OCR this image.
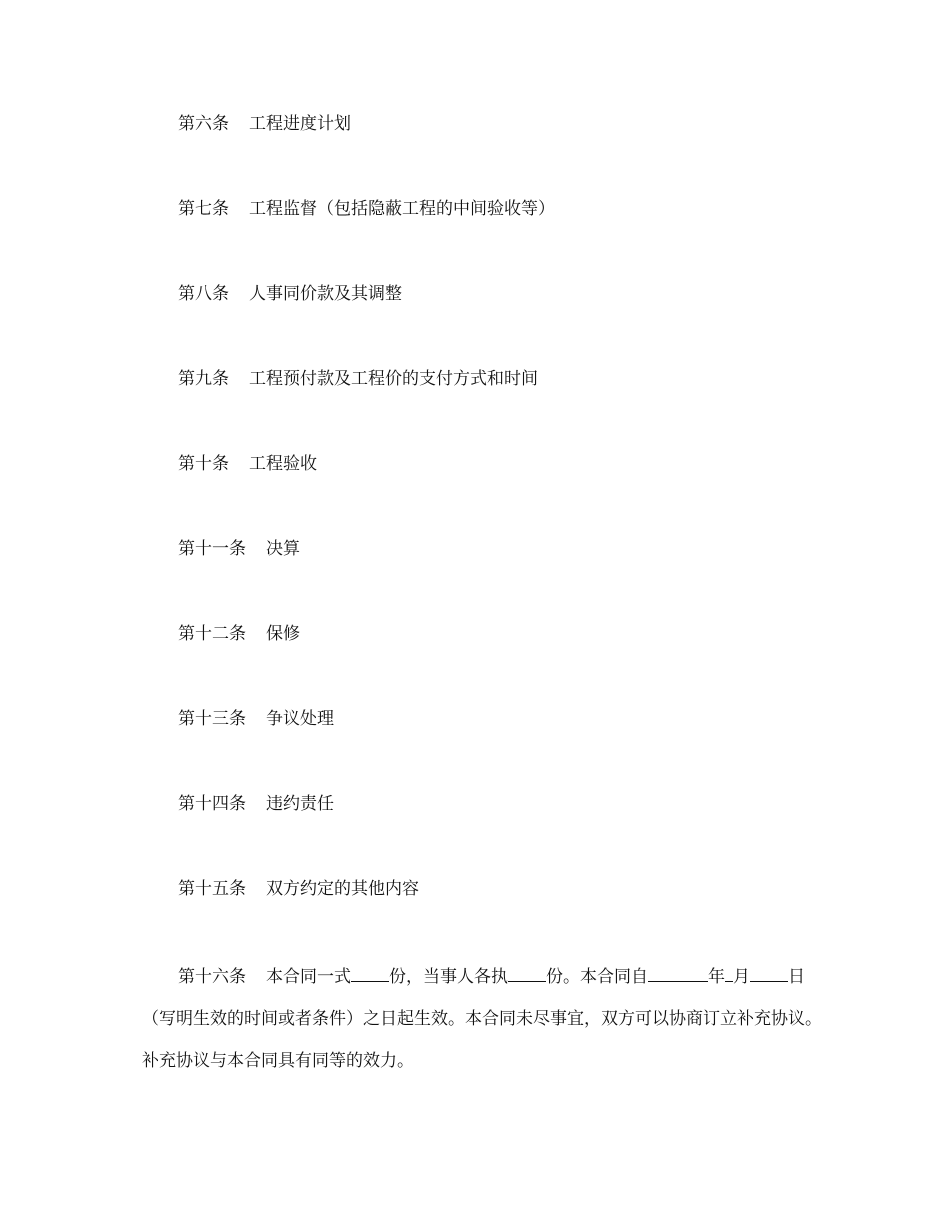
第六条 工程进度计划
第七条 工程监督（包括隐蔽工程的中间验收等）
第八条 人事同价款及其调整
第九条 工程预付款及工程价的支付方式和时间
第十条 工程验收
第十一条 决算
第十二条 保修
第十三条 争议处理
第十四条 违约责任
第十五条 双方约定的其他内容
第十六条 本合同一式 份，当事人各执 份。本合同自	年 月 日（写明生效的时间或者条件）之日起生效。本合同未尽事宜，双方可以协商订立补充协议。补充协议与本合同具有同等的效力。
